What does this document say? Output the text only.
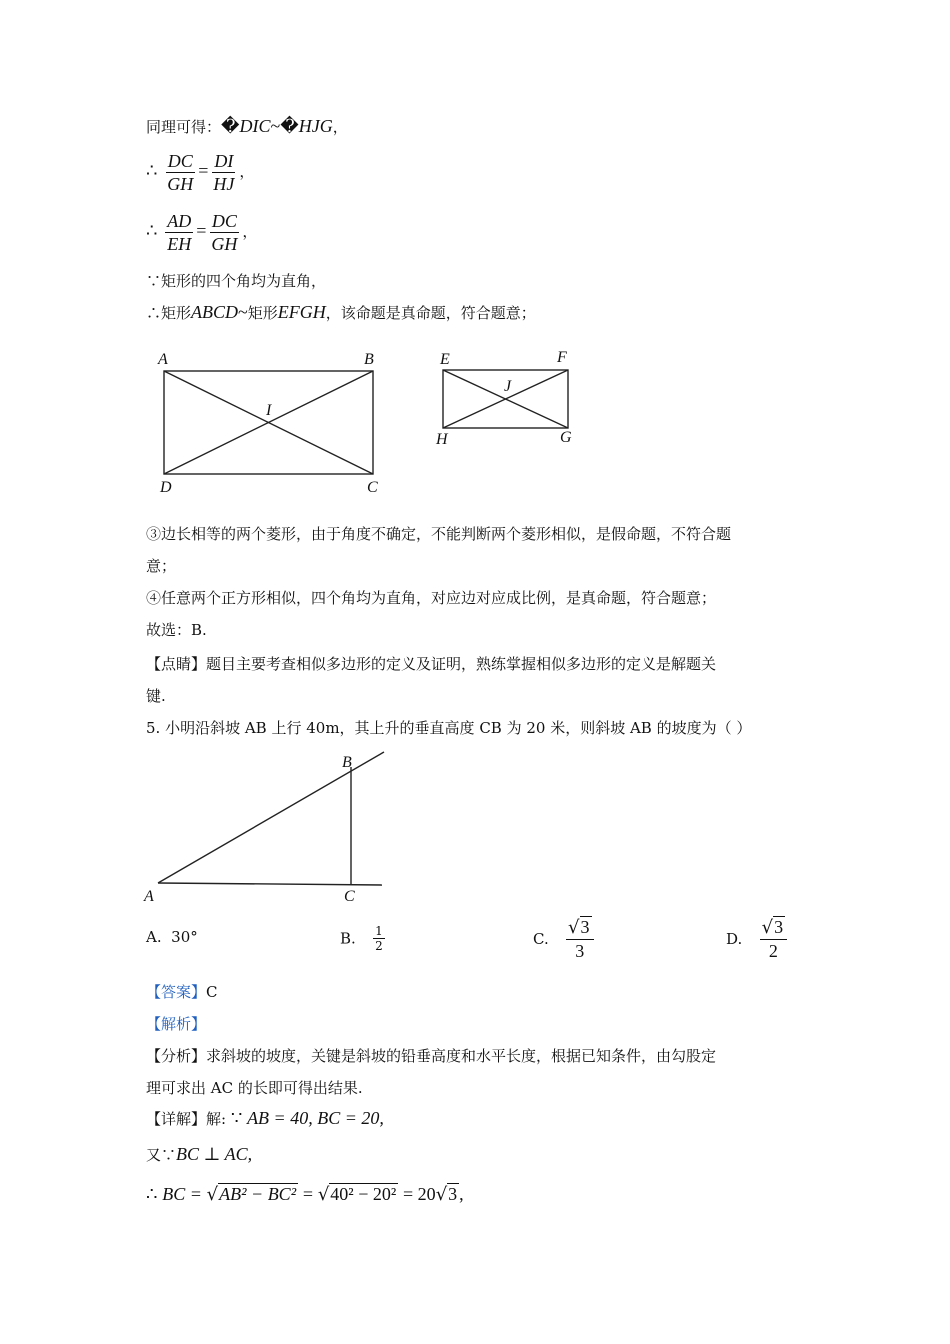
同理可得：�DIC~�HJG，
∴ $\frac{DC}{GH} = \frac{DI}{HJ}$ ，
∴ $\frac{AD}{EH} = \frac{DC}{GH}$ ，
∵矩形的四个角均为直角，
∴矩形ABCD~矩形EFGH，该命题是真命题，符合题意；
A	B
C
D
I
E	F
G
H
J
③边长相等的两个菱形，由于角度不确定，不能判断两个菱形相似，是假命题，不符合题
意；
④任意两个正方形相似，四个角均为直角，对应边对应成比例，是真命题，符合题意；
故选：B.
【点睛】题目主要考查相似多边形的定义及证明，熟练掌握相似多边形的定义是解题关
键.
5. 小明沿斜坡 AB 上行 40m，其上升的垂直高度 CB 为 20 米，则斜坡 AB 的坡度为（ ）
B
A	C
A. 30°	B. $\frac{1}{2}$	C. $\frac{√3}{3}$	D. $\frac{√3}{2}$
【答案】C
【解析】
【分析】求斜坡的坡度，关键是斜坡的铅垂高度和水平长度，根据已知条件，由勾股定
理可求出 AC 的长即可得出结果.
【详解】解: ∵ AB = 40, BC = 20,
又∵BC ⊥ AC,
∴ BC = √AB² − BC² = √40² − 20² = 20√3 ,
